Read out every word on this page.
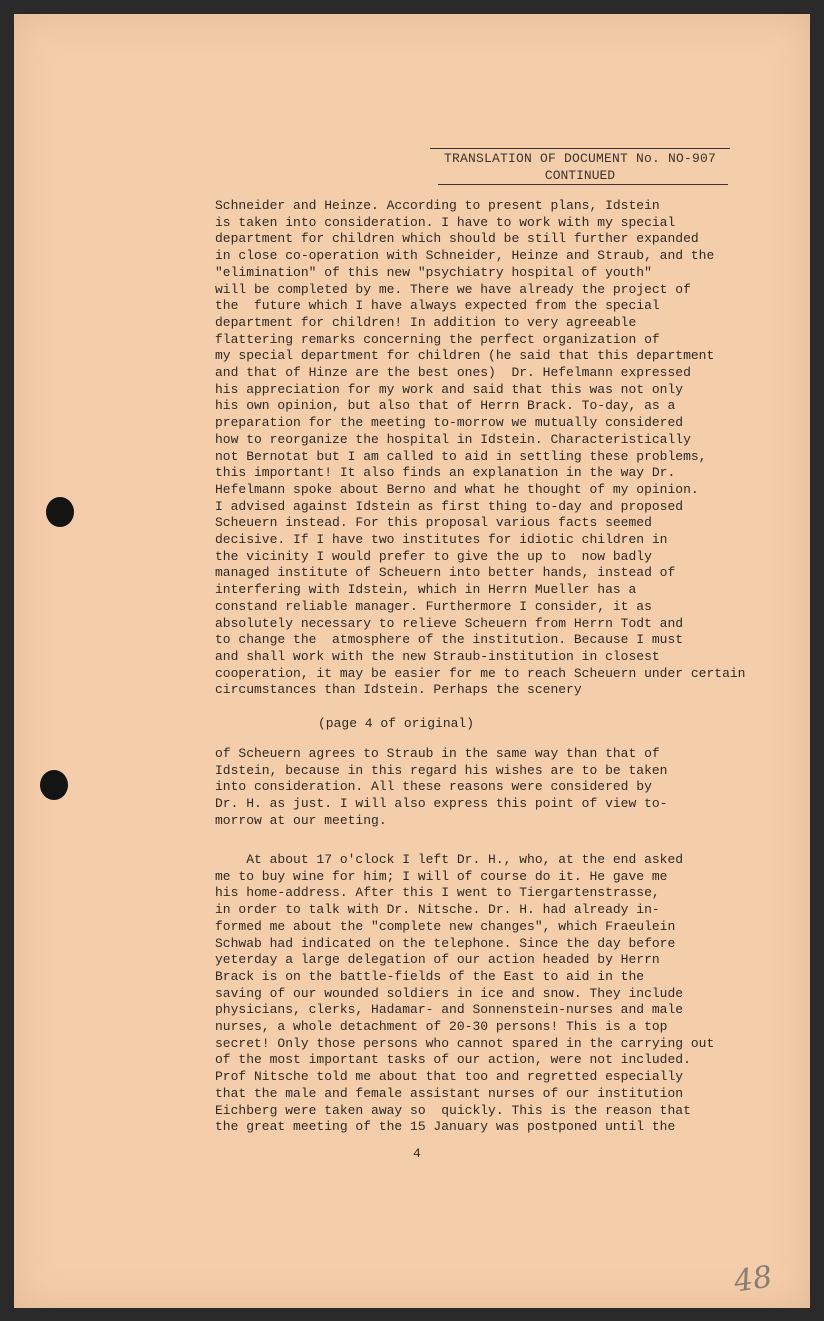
TRANSLATION OF DOCUMENT No. NO-907
CONTINUED
Schneider and Heinze. According to present plans, Idstein
is taken into consideration. I have to work with my special
department for children which should be still further expanded
in close co-operation with Schneider, Heinze and Straub, and the
"elimination" of this new "psychiatry hospital of youth"
will be completed by me. There we have already the project of
the  future which I have always expected from the special
department for children! In addition to very agreeable
flattering remarks concerning the perfect organization of
my special department for children (he said that this department
and that of Hinze are the best ones)  Dr. Hefelmann expressed
his appreciation for my work and said that this was not only
his own opinion, but also that of Herrn Brack. To-day, as a
preparation for the meeting to-morrow we mutually considered
how to reorganize the hospital in Idstein. Characteristically
not Bernotat but I am called to aid in settling these problems,
this important! It also finds an explanation in the way Dr.
Hefelmann spoke about Berno and what he thought of my opinion.
I advised against Idstein as first thing to-day and proposed
Scheuern instead. For this proposal various facts seemed
decisive. If I have two institutes for idiotic children in
the vicinity I would prefer to give the up to  now badly
managed institute of Scheuern into better hands, instead of
interfering with Idstein, which in Herrn Mueller has a
constand reliable manager. Furthermore I consider, it as
absolutely necessary to relieve Scheuern from Herrn Todt and
to change the  atmosphere of the institution. Because I must
and shall work with the new Straub-institution in closest
cooperation, it may be easier for me to reach Scheuern under certain
circumstances than Idstein. Perhaps the scenery
(page 4 of original)
of Scheuern agrees to Straub in the same way than that of
Idstein, because in this regard his wishes are to be taken
into consideration. All these reasons were considered by
Dr. H. as just. I will also express this point of view to-
morrow at our meeting.
At about 17 o'clock I left Dr. H., who, at the end asked
me to buy wine for him; I will of course do it. He gave me
his home-address. After this I went to Tiergartenstrasse,
in order to talk with Dr. Nitsche. Dr. H. had already in-
formed me about the "complete new changes", which Fraeulein
Schwab had indicated on the telephone. Since the day before
yeterday a large delegation of our action headed by Herrn
Brack is on the battle-fields of the East to aid in the
saving of our wounded soldiers in ice and snow. They include
physicians, clerks, Hadamar- and Sonnenstein-nurses and male
nurses, a whole detachment of 20-30 persons! This is a top
secret! Only those persons who cannot spared in the carrying out
of the most important tasks of our action, were not included.
Prof Nitsche told me about that too and regretted especially
that the male and female assistant nurses of our institution
Eichberg were taken away so  quickly. This is the reason that
the great meeting of the 15 January was postponed until the
4
48
